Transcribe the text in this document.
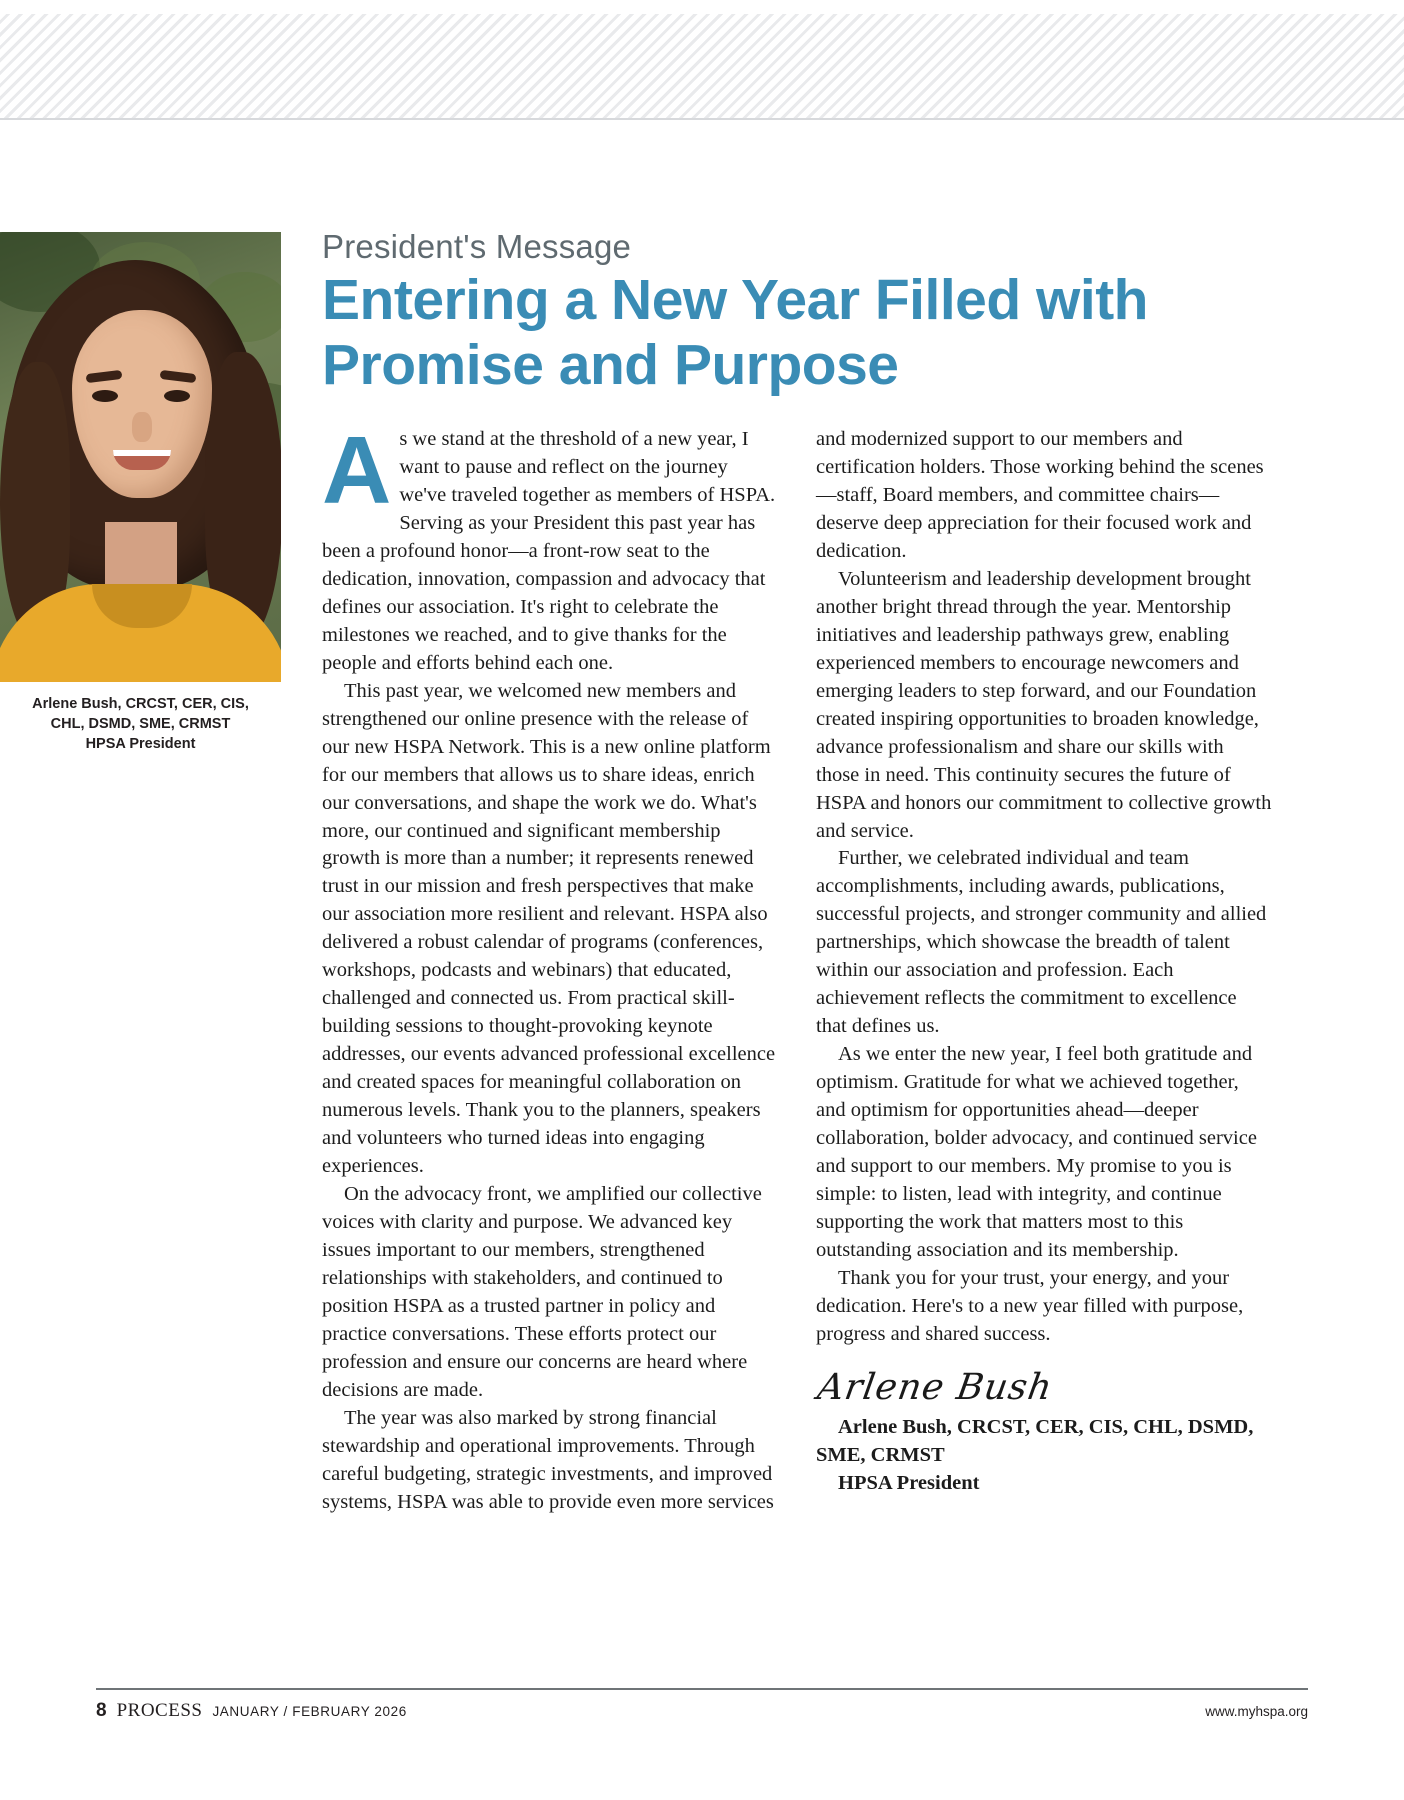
Arlene Bush, CRCST, CER, CIS,
CHL, DSMD, SME, CRMST
HPSA President
President's Message
Entering a New Year Filled with Promise and Purpose

As we stand at the threshold of a new year, I want to pause and reflect on the journey we've traveled together as members of HSPA. Serving as your President this past year has been a profound honor—a front-row seat to the dedication, innovation, compassion and advocacy that defines our association. It's right to celebrate the milestones we reached, and to give thanks for the people and efforts behind each one.

This past year, we welcomed new members and strengthened our online presence with the release of our new HSPA Network. This is a new online platform for our members that allows us to share ideas, enrich our conversations, and shape the work we do. What's more, our continued and significant membership growth is more than a number; it represents renewed trust in our mission and fresh perspectives that make our association more resilient and relevant. HSPA also delivered a robust calendar of programs (conferences, workshops, podcasts and webinars) that educated, challenged and connected us. From practical skill-building sessions to thought-provoking keynote addresses, our events advanced professional excellence and created spaces for meaningful collaboration on numerous levels. Thank you to the planners, speakers and volunteers who turned ideas into engaging experiences.

On the advocacy front, we amplified our collective voices with clarity and purpose. We advanced key issues important to our members, strengthened relationships with stakeholders, and continued to position HSPA as a trusted partner in policy and practice conversations. These efforts protect our profession and ensure our concerns are heard where decisions are made.

The year was also marked by strong financial stewardship and operational improvements. Through careful budgeting, strategic investments, and improved systems, HSPA was able to provide even more services and modernized support to our members and certification holders. Those working behind the scenes—staff, Board members, and committee chairs—deserve deep appreciation for their focused work and dedication.

Volunteerism and leadership development brought another bright thread through the year. Mentorship initiatives and leadership pathways grew, enabling experienced members to encourage newcomers and emerging leaders to step forward, and our Foundation created inspiring opportunities to broaden knowledge, advance professionalism and share our skills with those in need. This continuity secures the future of HSPA and honors our commitment to collective growth and service.

Further, we celebrated individual and team accomplishments, including awards, publications, successful projects, and stronger community and allied partnerships, which showcase the breadth of talent within our association and profession. Each achievement reflects the commitment to excellence that defines us.

As we enter the new year, I feel both gratitude and optimism. Gratitude for what we achieved together, and optimism for opportunities ahead—deeper collaboration, bolder advocacy, and continued service and support to our members. My promise to you is simple: to listen, lead with integrity, and continue supporting the work that matters most to this outstanding association and its membership.

Thank you for your trust, your energy, and your dedication. Here's to a new year filled with purpose, progress and shared success.

Arlene Bush

Arlene Bush, CRCST, CER, CIS, CHL, DSMD, SME, CRMST

HPSA President

8 PROCESS JANUARY / FEBRUARY 2026	www.myhspa.org
